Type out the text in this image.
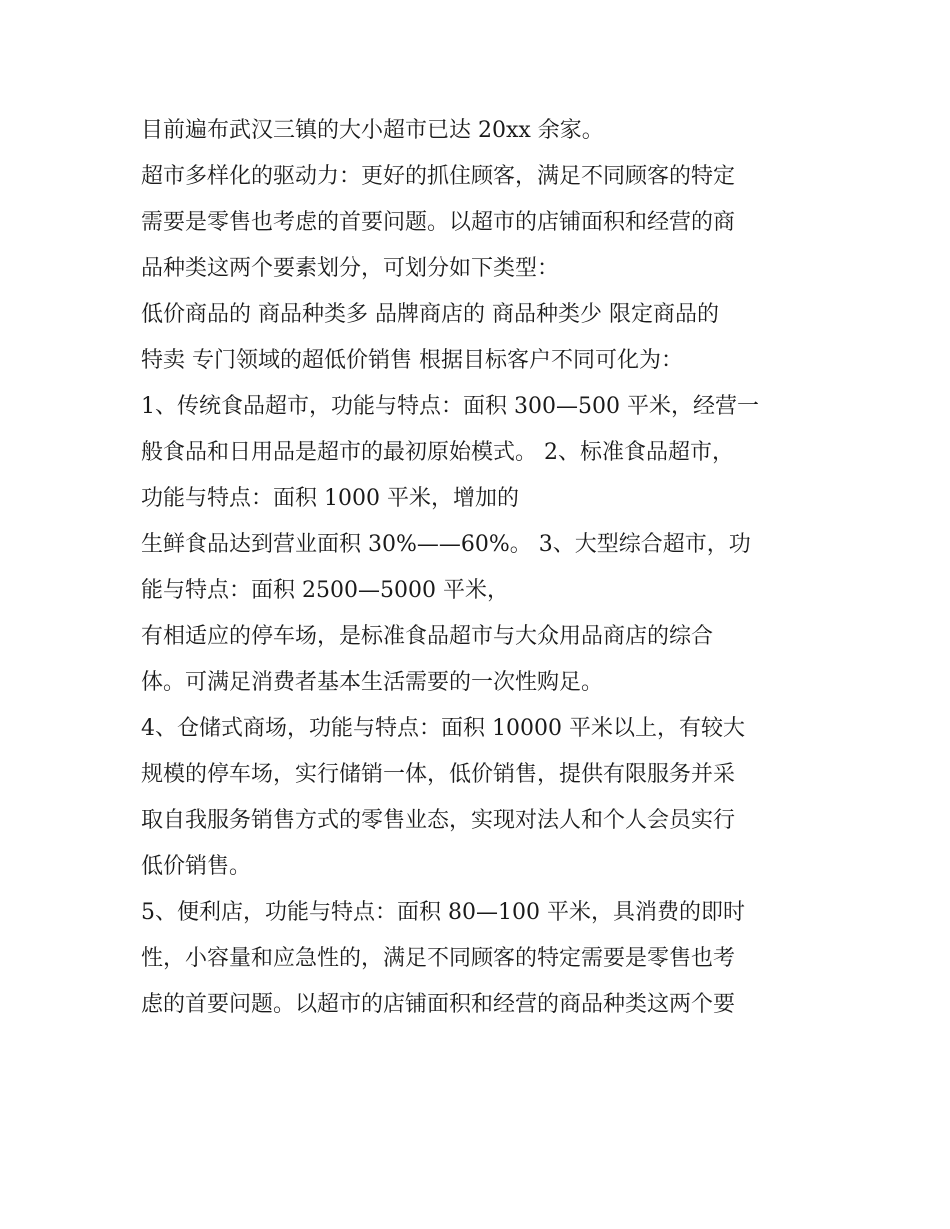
目前遍布武汉三镇的大小超市已达 20xx 余家。
超市多样化的驱动力：更好的抓住顾客，满足不同顾客的特定
需要是零售也考虑的首要问题。以超市的店铺面积和经营的商
品种类这两个要素划分，可划分如下类型：
低价商品的 商品种类多 品牌商店的 商品种类少 限定商品的
特卖 专门领域的超低价销售 根据目标客户不同可化为：
1、传统食品超市，功能与特点：面积 300—500 平米，经营一
般食品和日用品是超市的最初原始模式。 2、标准食品超市，
功能与特点：面积 1000 平米，增加的
生鲜食品达到营业面积 30%——60%。 3、大型综合超市，功
能与特点：面积 2500—5000 平米，
有相适应的停车场，是标准食品超市与大众用品商店的综合
体。可满足消费者基本生活需要的一次性购足。
4、仓储式商场，功能与特点：面积 10000 平米以上，有较大
规模的停车场，实行储销一体，低价销售，提供有限服务并采
取自我服务销售方式的零售业态，实现对法人和个人会员实行
低价销售。
5、便利店，功能与特点：面积 80—100 平米，具消费的即时
性，小容量和应急性的，满足不同顾客的特定需要是零售也考
虑的首要问题。以超市的店铺面积和经营的商品种类这两个要
